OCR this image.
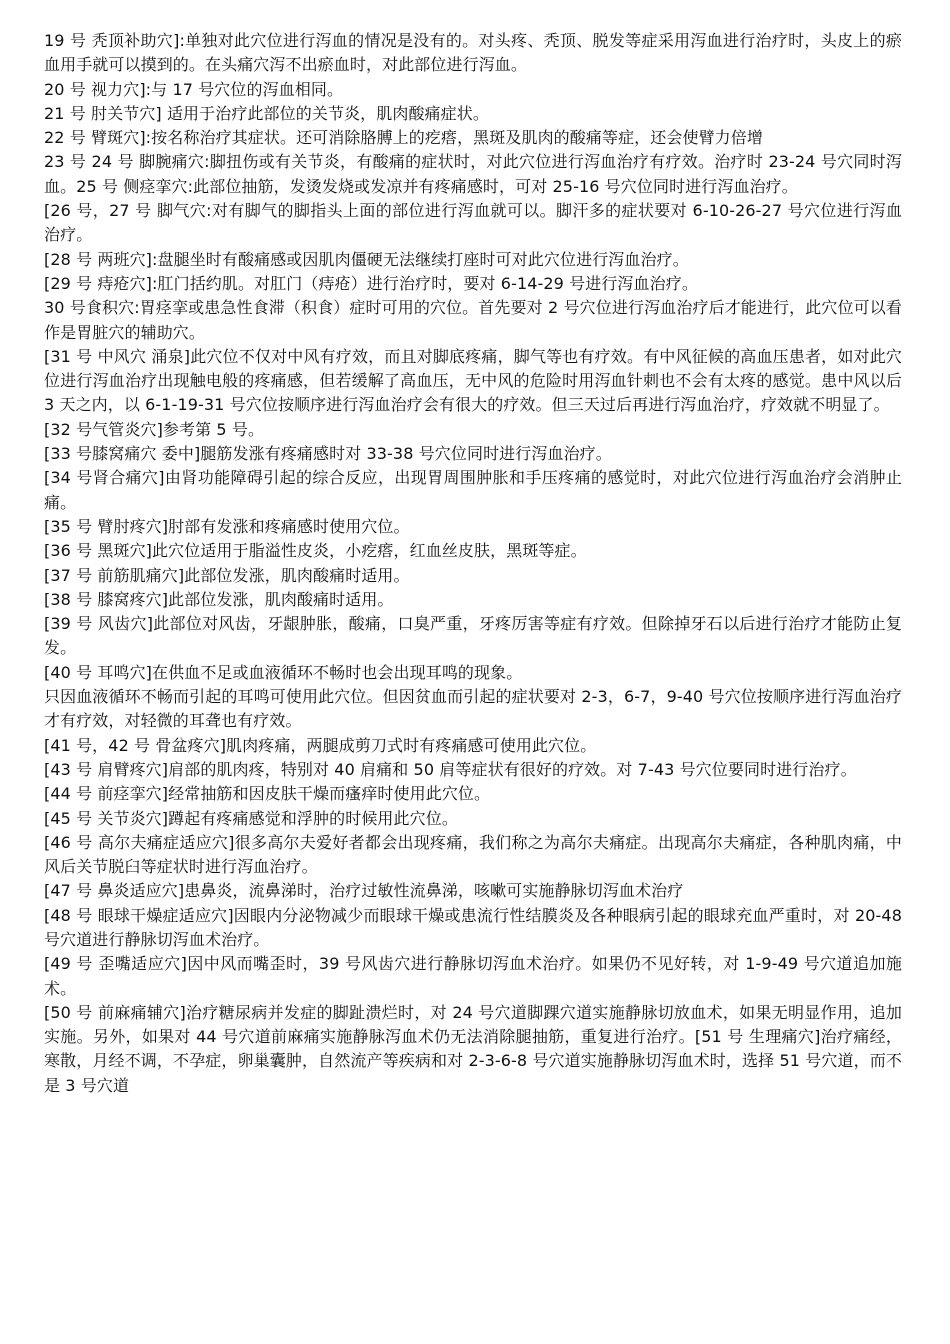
19 号 秃顶补助穴]:单独对此穴位进行泻血的情况是没有的。对头疼、秃顶、脱发等症采用泻血进行治疗时，头皮上的瘀血用手就可以摸到的。在头痛穴泻不出瘀血时，对此部位进行泻血。

20 号 视力穴]:与 17 号穴位的泻血相同。

21 号 肘关节穴] 适用于治疗此部位的关节炎，肌肉酸痛症状。

22 号 臂斑穴]:按名称治疗其症状。还可消除胳膊上的疙瘩，黑斑及肌肉的酸痛等症，还会使臂力倍增

23 号 24 号 脚腕痛穴:脚扭伤或有关节炎，有酸痛的症状时，对此穴位进行泻血治疗有疗效。治疗时 23-24 号穴同时泻血。25 号 侧痉挛穴:此部位抽筋，发烫发烧或发凉并有疼痛感时，可对 25-16 号穴位同时进行泻血治疗。

[26 号，27 号 脚气穴:对有脚气的脚指头上面的部位进行泻血就可以。脚汗多的症状要对 6-10-26-27 号穴位进行泻血治疗。

[28 号 两班穴]:盘腿坐时有酸痛感或因肌肉僵硬无法继续打座时可对此穴位进行泻血治疗。

[29 号 痔疮穴]:肛门括约肌。对肛门（痔疮）进行治疗时，要对 6-14-29 号进行泻血治疗。

30 号食积穴:胃痉挛或患急性食滞（积食）症时可用的穴位。首先要对 2 号穴位进行泻血治疗后才能进行，此穴位可以看作是胃脏穴的辅助穴。

[31 号 中风穴 涌泉]此穴位不仅对中风有疗效，而且对脚底疼痛，脚气等也有疗效。有中风征候的高血压患者，如对此穴位进行泻血治疗出现触电般的疼痛感，但若缓解了高血压，无中风的危险时用泻血针刺也不会有太疼的感觉。患中风以后 3 天之内，以 6-1-19-31 号穴位按顺序进行泻血治疗会有很大的疗效。但三天过后再进行泻血治疗，疗效就不明显了。

[32 号气管炎穴]参考第 5 号。

[33 号膝窝痛穴 委中]腿筋发涨有疼痛感时对 33-38 号穴位同时进行泻血治疗。

[34 号肾合痛穴]由肾功能障碍引起的综合反应，出现胃周围肿胀和手压疼痛的感觉时，对此穴位进行泻血治疗会消肿止痛。

[35 号 臂肘疼穴]肘部有发涨和疼痛感时使用穴位。

[36 号 黑斑穴]此穴位适用于脂溢性皮炎，小疙瘩，红血丝皮肤，黑斑等症。

[37 号 前筋肌痛穴]此部位发涨，肌肉酸痛时适用。

[38 号 膝窝疼穴]此部位发涨，肌肉酸痛时适用。

[39 号 风齿穴]此部位对风齿，牙龈肿胀，酸痛，口臭严重，牙疼厉害等症有疗效。但除掉牙石以后进行治疗才能防止复发。

[40 号 耳鸣穴]在供血不足或血液循环不畅时也会出现耳鸣的现象。

只因血液循环不畅而引起的耳鸣可使用此穴位。但因贫血而引起的症状要对 2-3，6-7，9-40 号穴位按顺序进行泻血治疗才有疗效，对轻微的耳聋也有疗效。

[41 号，42 号 骨盆疼穴]肌肉疼痛，两腿成剪刀式时有疼痛感可使用此穴位。

[43 号 肩臂疼穴]肩部的肌肉疼，特别对 40 肩痛和 50 肩等症状有很好的疗效。对 7-43 号穴位要同时进行治疗。

[44 号 前痉挛穴]经常抽筋和因皮肤干燥而瘙痒时使用此穴位。

[45 号 关节炎穴]蹲起有疼痛感觉和浮肿的时候用此穴位。

[46 号 高尔夫痛症适应穴]很多高尔夫爱好者都会出现疼痛，我们称之为高尔夫痛症。出现高尔夫痛症，各种肌肉痛，中风后关节脱臼等症状时进行泻血治疗。

[47 号 鼻炎适应穴]患鼻炎，流鼻涕时，治疗过敏性流鼻涕，咳嗽可实施静脉切泻血术治疗

[48 号 眼球干燥症适应穴]因眼内分泌物减少而眼球干燥或患流行性结膜炎及各种眼病引起的眼球充血严重时，对 20-48 号穴道进行静脉切泻血术治疗。

[49 号 歪嘴适应穴]因中风而嘴歪时，39 号风齿穴进行静脉切泻血术治疗。如果仍不见好转，对 1-9-49 号穴道追加施术。

[50 号 前麻痛辅穴]治疗糖尿病并发症的脚趾溃烂时，对 24 号穴道脚踝穴道实施静脉切放血术，如果无明显作用，追加实施。另外，如果对 44 号穴道前麻痛实施静脉泻血术仍无法消除腿抽筋，重复进行治疗。[51 号 生理痛穴]治疗痛经，寒散，月经不调，不孕症，卵巢囊肿，自然流产等疾病和对 2-3-6-8 号穴道实施静脉切泻血术时，选择 51 号穴道，而不是 3 号穴道
